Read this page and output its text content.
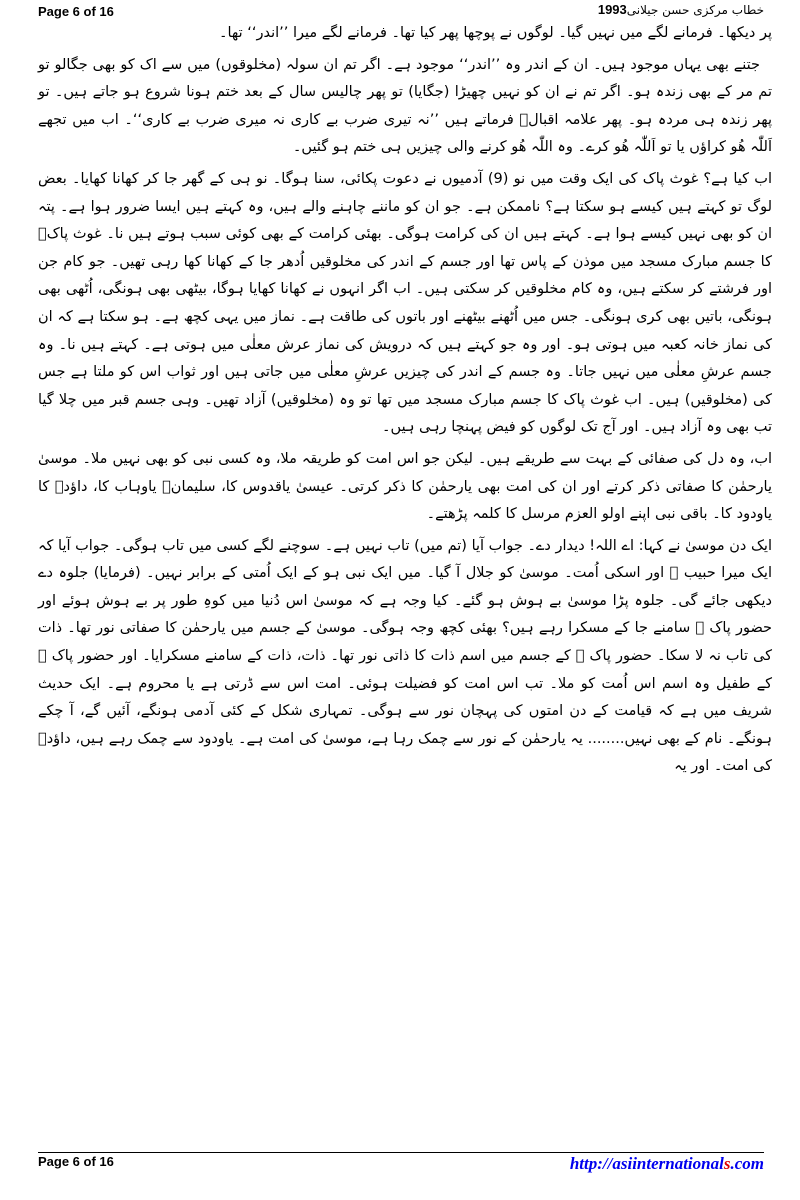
Page 6 of 16	خطاب مرکزی حسن جیلانی1993

پر دیکھا۔ فرمانے لگے میں نہیں گیا۔ لوگوں نے پوچھا پھر کیا تھا۔ فرمانے لگے میرا ’’اندر‘‘ تھا۔

جتنے بھی یہاں موجود ہیں۔ ان کے اندر وہ ’’اندر‘‘ موجود ہے۔ اگر تم ان سولہ (مخلوقوں) میں سے اک کو بھی جگالو تو تم مر کے بھی زندہ ہو۔ اگر تم نے ان کو نہیں چھیڑا (جگایا) تو پھر چالیس سال کے بعد ختم ہونا شروع ہو جاتے ہیں۔ تو پھر زندہ ہی مردہ ہو۔ پھر علامہ اقبالؒ فرماتے ہیں ’’نہ تیری ضرب بے کاری نہ میری ضرب بے کاری‘‘۔ اب میں تجھے اَللّٰہ ھُو کراؤں یا تو اَللّٰہ ھُو کرے۔ وہ اللّٰہ ھُو کرنے والی چیزیں ہی ختم ہو گئیں۔

اب کیا ہے؟ غوث پاک کی ایک وقت میں نو (9) آدمیوں نے دعوت پکائی، سنا ہوگا۔ نو ہی کے گھر جا کر کھانا کھایا۔ بعض لوگ تو کہتے ہیں کیسے ہو سکتا ہے؟ ناممکن ہے۔ جو ان کو ماننے چاہنے والے ہیں، وہ کہتے ہیں ایسا ضرور ہوا ہے۔ پتہ ان کو بھی نہیں کیسے ہوا ہے۔ کہتے ہیں ان کی کرامت ہوگی۔ بھئی کرامت کے بھی کوئی سبب ہوتے ہیں نا۔ غوث پاکؒ کا جسم مبارک مسجد میں موذن کے پاس تھا اور جسم کے اندر کی مخلوقیں اُدھر جا کے کھانا کھا رہی تھیں۔ جو کام جن اور فرشتے کر سکتے ہیں، وہ کام مخلوقیں کر سکتی ہیں۔ اب اگر انہوں نے کھانا کھایا ہوگا، بیٹھی بھی ہونگی، اُٹھی بھی ہونگی، باتیں بھی کری ہونگی۔ جس میں اُٹھنے بیٹھنے اور باتوں کی طاقت ہے۔ نماز میں یہی کچھ ہے۔ ہو سکتا ہے کہ ان کی نماز خانہ کعبہ میں ہوتی ہو۔ اور وہ جو کہتے ہیں کہ درویش کی نماز عرش معلٰی میں ہوتی ہے۔ کہتے ہیں نا۔ وہ جسم عرشِ معلٰی میں نہیں جاتا۔ وہ جسم کے اندر کی چیزیں عرشِ معلٰی میں جاتی ہیں اور ثواب اس کو ملتا ہے جس کی (مخلوقیں) ہیں۔ اب غوث پاک کا جسم مبارک مسجد میں تھا تو وہ (مخلوقیں) آزاد تھیں۔ وہی جسم قبر میں چلا گیا تب بھی وہ آزاد ہیں۔ اور آج تک لوگوں کو فیض پہنچا رہی ہیں۔

اب، وہ دل کی صفائی کے بہت سے طریقے ہیں۔ لیکن جو اس امت کو طریقہ ملا، وہ کسی نبی کو بھی نہیں ملا۔ موسیٰ یارحمٰن کا صفاتی ذکر کرتے اور ان کی امت بھی یارحمٰن کا ذکر کرتی۔ عیسیٰ یاقدوس کا، سلیمانؑ یاوہاب کا، داؤدؑ کا یاودود کا۔ باقی نبی اپنے اولو العزم مرسل کا کلمہ پڑھتے۔

ایک دن موسیٰ نے کہا: اے اللہ! دیدار دے۔ جواب آیا (تم میں) تاب نہیں ہے۔ سوچنے لگے کسی میں تاب ہوگی۔ جواب آیا کہ ایک میرا حبیب ﷺ اور اسکی اُمت۔ موسیٰ کو جلال آ گیا۔ میں ایک نبی ہو کے ایک اُمتی کے برابر نہیں۔ (فرمایا) جلوہ دے دیکھی جائے گی۔ جلوہ پڑا موسیٰ بے ہوش ہو گئے۔ کیا وجہ ہے کہ موسیٰ اس دُنیا میں کوہِ طور پر بے ہوش ہوئے اور حضور پاک ﷺ سامنے جا کے مسکرا رہے ہیں؟ بھئی کچھ وجہ ہوگی۔ موسیٰ کے جسم میں یارحمٰن کا صفاتی نور تھا۔ ذات کی تاب نہ لا سکا۔ حضور پاک ﷺ کے جسم میں اسم ذات کا ذاتی نور تھا۔ ذات، ذات کے سامنے مسکرایا۔ اور حضور پاک ﷺ کے طفیل وہ اسم اس اُمت کو ملا۔ تب اس امت کو فضیلت ہوئی۔ امت اس سے ڈرتی ہے یا محروم ہے۔ ایک حدیث شریف میں ہے کہ قیامت کے دن امتوں کی پہچان نور سے ہوگی۔ تمہاری شکل کے کئی آدمی ہونگے، آئیں گے، آ چکے ہونگے۔ نام کے بھی نہیں........ یہ یارحمٰن کے نور سے چمک رہا ہے، موسیٰ کی امت ہے۔ یاودود سے چمک رہے ہیں، داؤدؑ کی امت۔ اور یہ

Page 6 of 16	http://asiinternationals.com
